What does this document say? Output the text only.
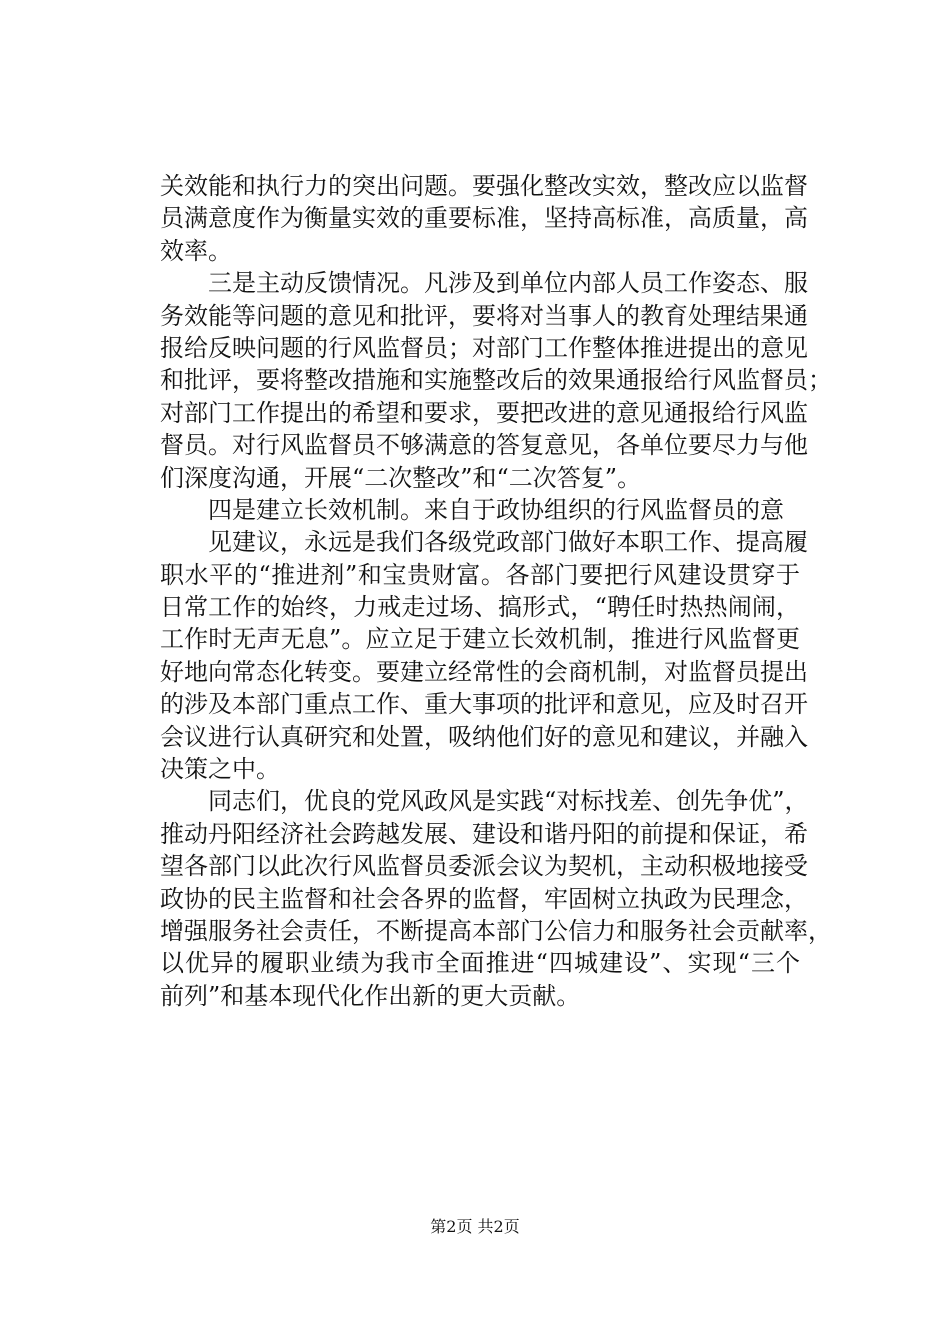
关效能和执行力的突出问题。要强化整改实效，整改应以监督
员满意度作为衡量实效的重要标准，坚持高标准，高质量，高
效率。
三是主动反馈情况。凡涉及到单位内部人员工作姿态、服
务效能等问题的意见和批评，要将对当事人的教育处理结果通
报给反映问题的行风监督员；对部门工作整体推进提出的意见
和批评，要将整改措施和实施整改后的效果通报给行风监督员；
对部门工作提出的希望和要求，要把改进的意见通报给行风监
督员。对行风监督员不够满意的答复意见，各单位要尽力与他
们深度沟通，开展“二次整改”和“二次答复”。
四是建立长效机制。来自于政协组织的行风监督员的意
见建议，永远是我们各级党政部门做好本职工作、提高履
职水平的“推进剂”和宝贵财富。各部门要把行风建设贯穿于
日常工作的始终，力戒走过场、搞形式，“聘任时热热闹闹，
工作时无声无息”。应立足于建立长效机制，推进行风监督更
好地向常态化转变。要建立经常性的会商机制，对监督员提出
的涉及本部门重点工作、重大事项的批评和意见，应及时召开
会议进行认真研究和处置，吸纳他们好的意见和建议，并融入
决策之中。
同志们，优良的党风政风是实践“对标找差、创先争优”，
推动丹阳经济社会跨越发展、建设和谐丹阳的前提和保证，希
望各部门以此次行风监督员委派会议为契机，主动积极地接受
政协的民主监督和社会各界的监督，牢固树立执政为民理念，
增强服务社会责任，不断提高本部门公信力和服务社会贡献率，
以优异的履职业绩为我市全面推进“四城建设”、实现“三个
前列”和基本现代化作出新的更大贡献。
第2页 共2页
